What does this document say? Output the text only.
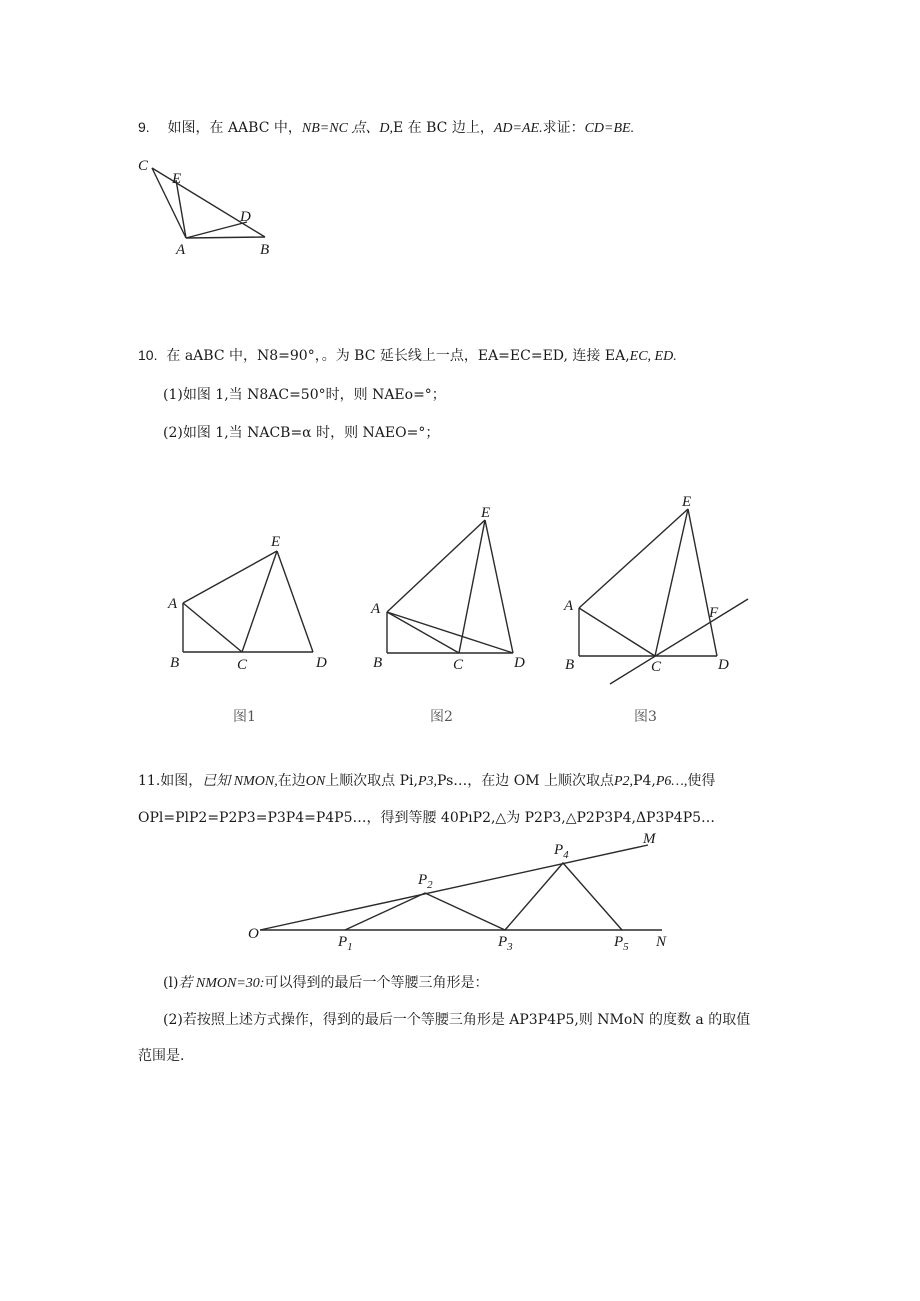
9. 如图，在 AABC 中，NB=NC 点、D,E 在 BC 边上，AD=AE.求证：CD=BE.
C
E
D
A	B
10. 在 aABC 中，N8=90°，。为 BC 延长线上一点，EA=EC=ED, 连接 EA,EC, ED.
(1)如图 1,当 N8AC=50°时，则 NAEo=°；
(2)如图 1,当 NACB=α 时，则 NAEO=°；
A
B	C	D
E
图1
A
B	C	D
E
图2
A
B	C	D
E
F
图3
11.如图，已知 NMON,在边ON上顺次取点 Pi,P3,Ps…，在边 OM 上顺次取点P2,P4,P6…,使得
OPl=PlP2=P2P3=P3P4=P4P5…，得到等腰 40PıP2,△为 P2P3,△P2P3P4,ΔP3P4P5…
O
M
N
$P_1$
$P_2$
$P_3$
$P_4$
$P_5$
(l)若 NMON=30:可以得到的最后一个等腰三角形是：
(2)若按照上述方式操作，得到的最后一个等腰三角形是 AP3P4P5,则 NMoN 的度数 a 的取值
范围是.
